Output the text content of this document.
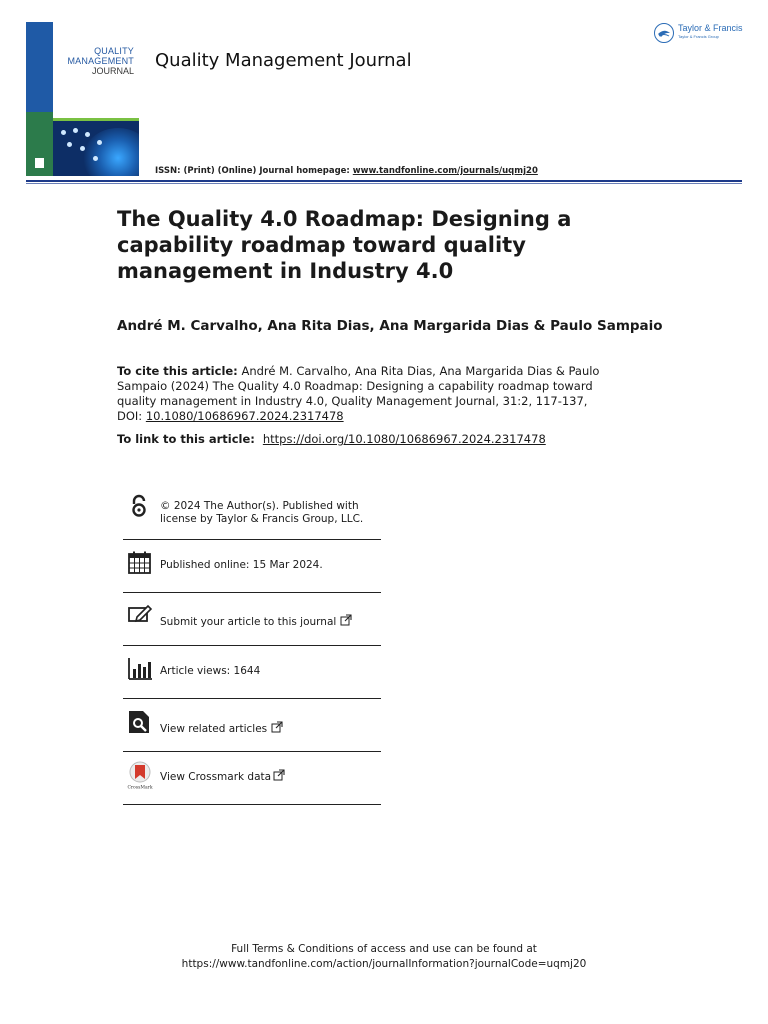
QUALITY
MANAGEMENT
JOURNAL Quality Management Journal
Taylor & Francis
Taylor & Francis Group
ISSN: (Print) (Online) Journal homepage: www.tandfonline.com/journals/uqmj20
The Quality 4.0 Roadmap: Designing a capability roadmap toward quality management in Industry 4.0
André M. Carvalho, Ana Rita Dias, Ana Margarida Dias & Paulo Sampaio
To cite this article: André M. Carvalho, Ana Rita Dias, Ana Margarida Dias & Paulo Sampaio (2024) The Quality 4.0 Roadmap: Designing a capability roadmap toward quality management in Industry 4.0, Quality Management Journal, 31:2, 117-137, DOI: 10.1080/10686967.2024.2317478
To link to this article: https://doi.org/10.1080/10686967.2024.2317478
© 2024 The Author(s). Published with
license by Taylor & Francis Group, LLC.
Published online: 15 Mar 2024.
Submit your article to this journal
Article views: 1644
View related articles
CrossMark
View Crossmark data
Full Terms & Conditions of access and use can be found at
https://www.tandfonline.com/action/journalInformation?journalCode=uqmj20
